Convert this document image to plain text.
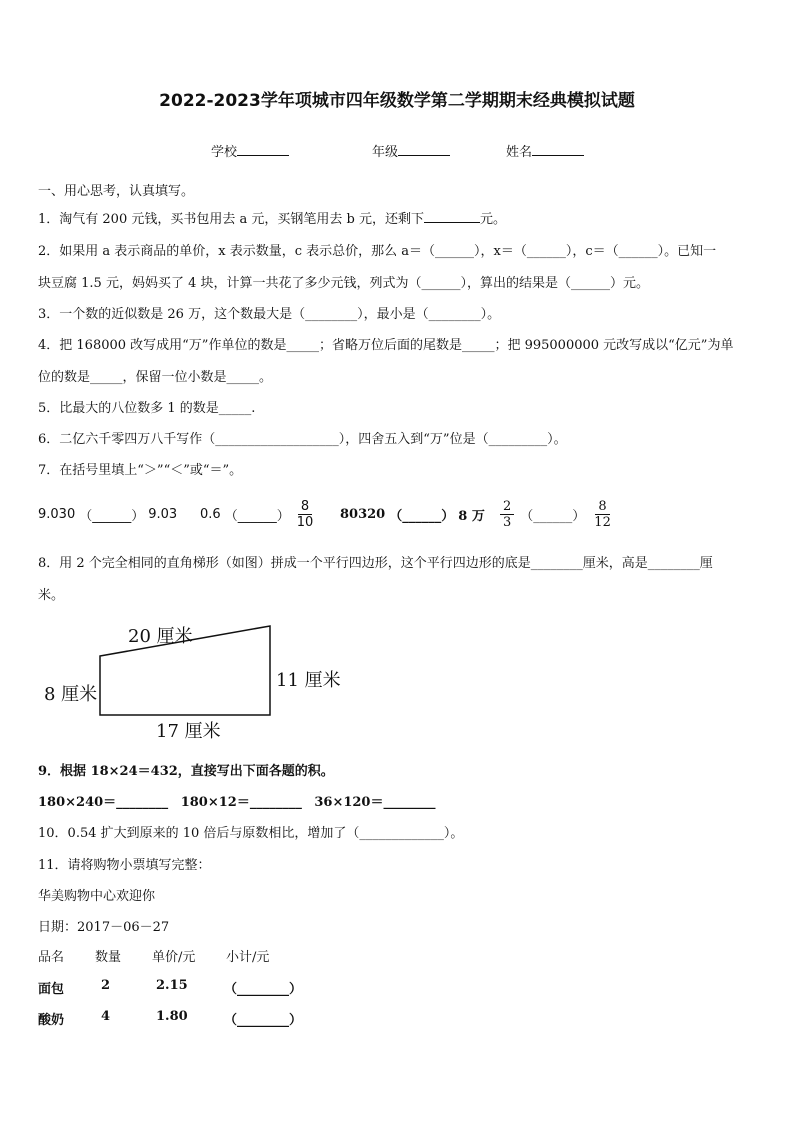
2022-2023学年项城市四年级数学第二学期期末经典模拟试题
学校	年级	姓名
一、用心思考，认真填写。
1．淘气有 200 元钱，买书包用去 a 元，买钢笔用去 b 元，还剩下	元。
2．如果用 a 表示商品的单价，x 表示数量，c 表示总价，那么 a＝（______），x＝（______），c＝（______）。已知一
块豆腐 1.5 元，妈妈买了 4 块，计算一共花了多少元钱，列式为（______），算出的结果是（______）元。
3．一个数的近似数是 26 万，这个数最大是（________），最小是（________）。
4．把 168000 改写成用“万”作单位的数是_____；省略万位后面的尾数是_____；把 995000000 元改写成以“亿元”为单
位的数是_____，保留一位小数是_____。
5．比最大的八位数多 1 的数是_____.
6．二亿六千零四万八千写作（___________________），四舍五入到“万”位是（_________）。
7．在括号里填上“＞”“＜”或“＝”。
9.030 （______） 9.03 0.6 （______） $\frac{8}{10} 80320$ （______） 8 万 $\frac{2}{3}$ （______） $\frac{8}{12}$
8．用 2 个完全相同的直角梯形（如图）拼成一个平行四边形，这个平行四边形的底是________厘米，高是________厘
米。
20 厘米
8 厘米
11 厘米
17 厘米
9．根据 18×24＝432，直接写出下面各题的积。
180×240＝________ 180×12＝________ 36×120＝________
10．0.54 扩大到原来的 10 倍后与原数相比，增加了（_____________）。
11．请将购物小票填写完整：
华美购物中心欢迎你
日期：2017－06－27
品名 数量 单价/元 小计/元
面包	2	2.15	（________）
酸奶	4	1.80	（________）
